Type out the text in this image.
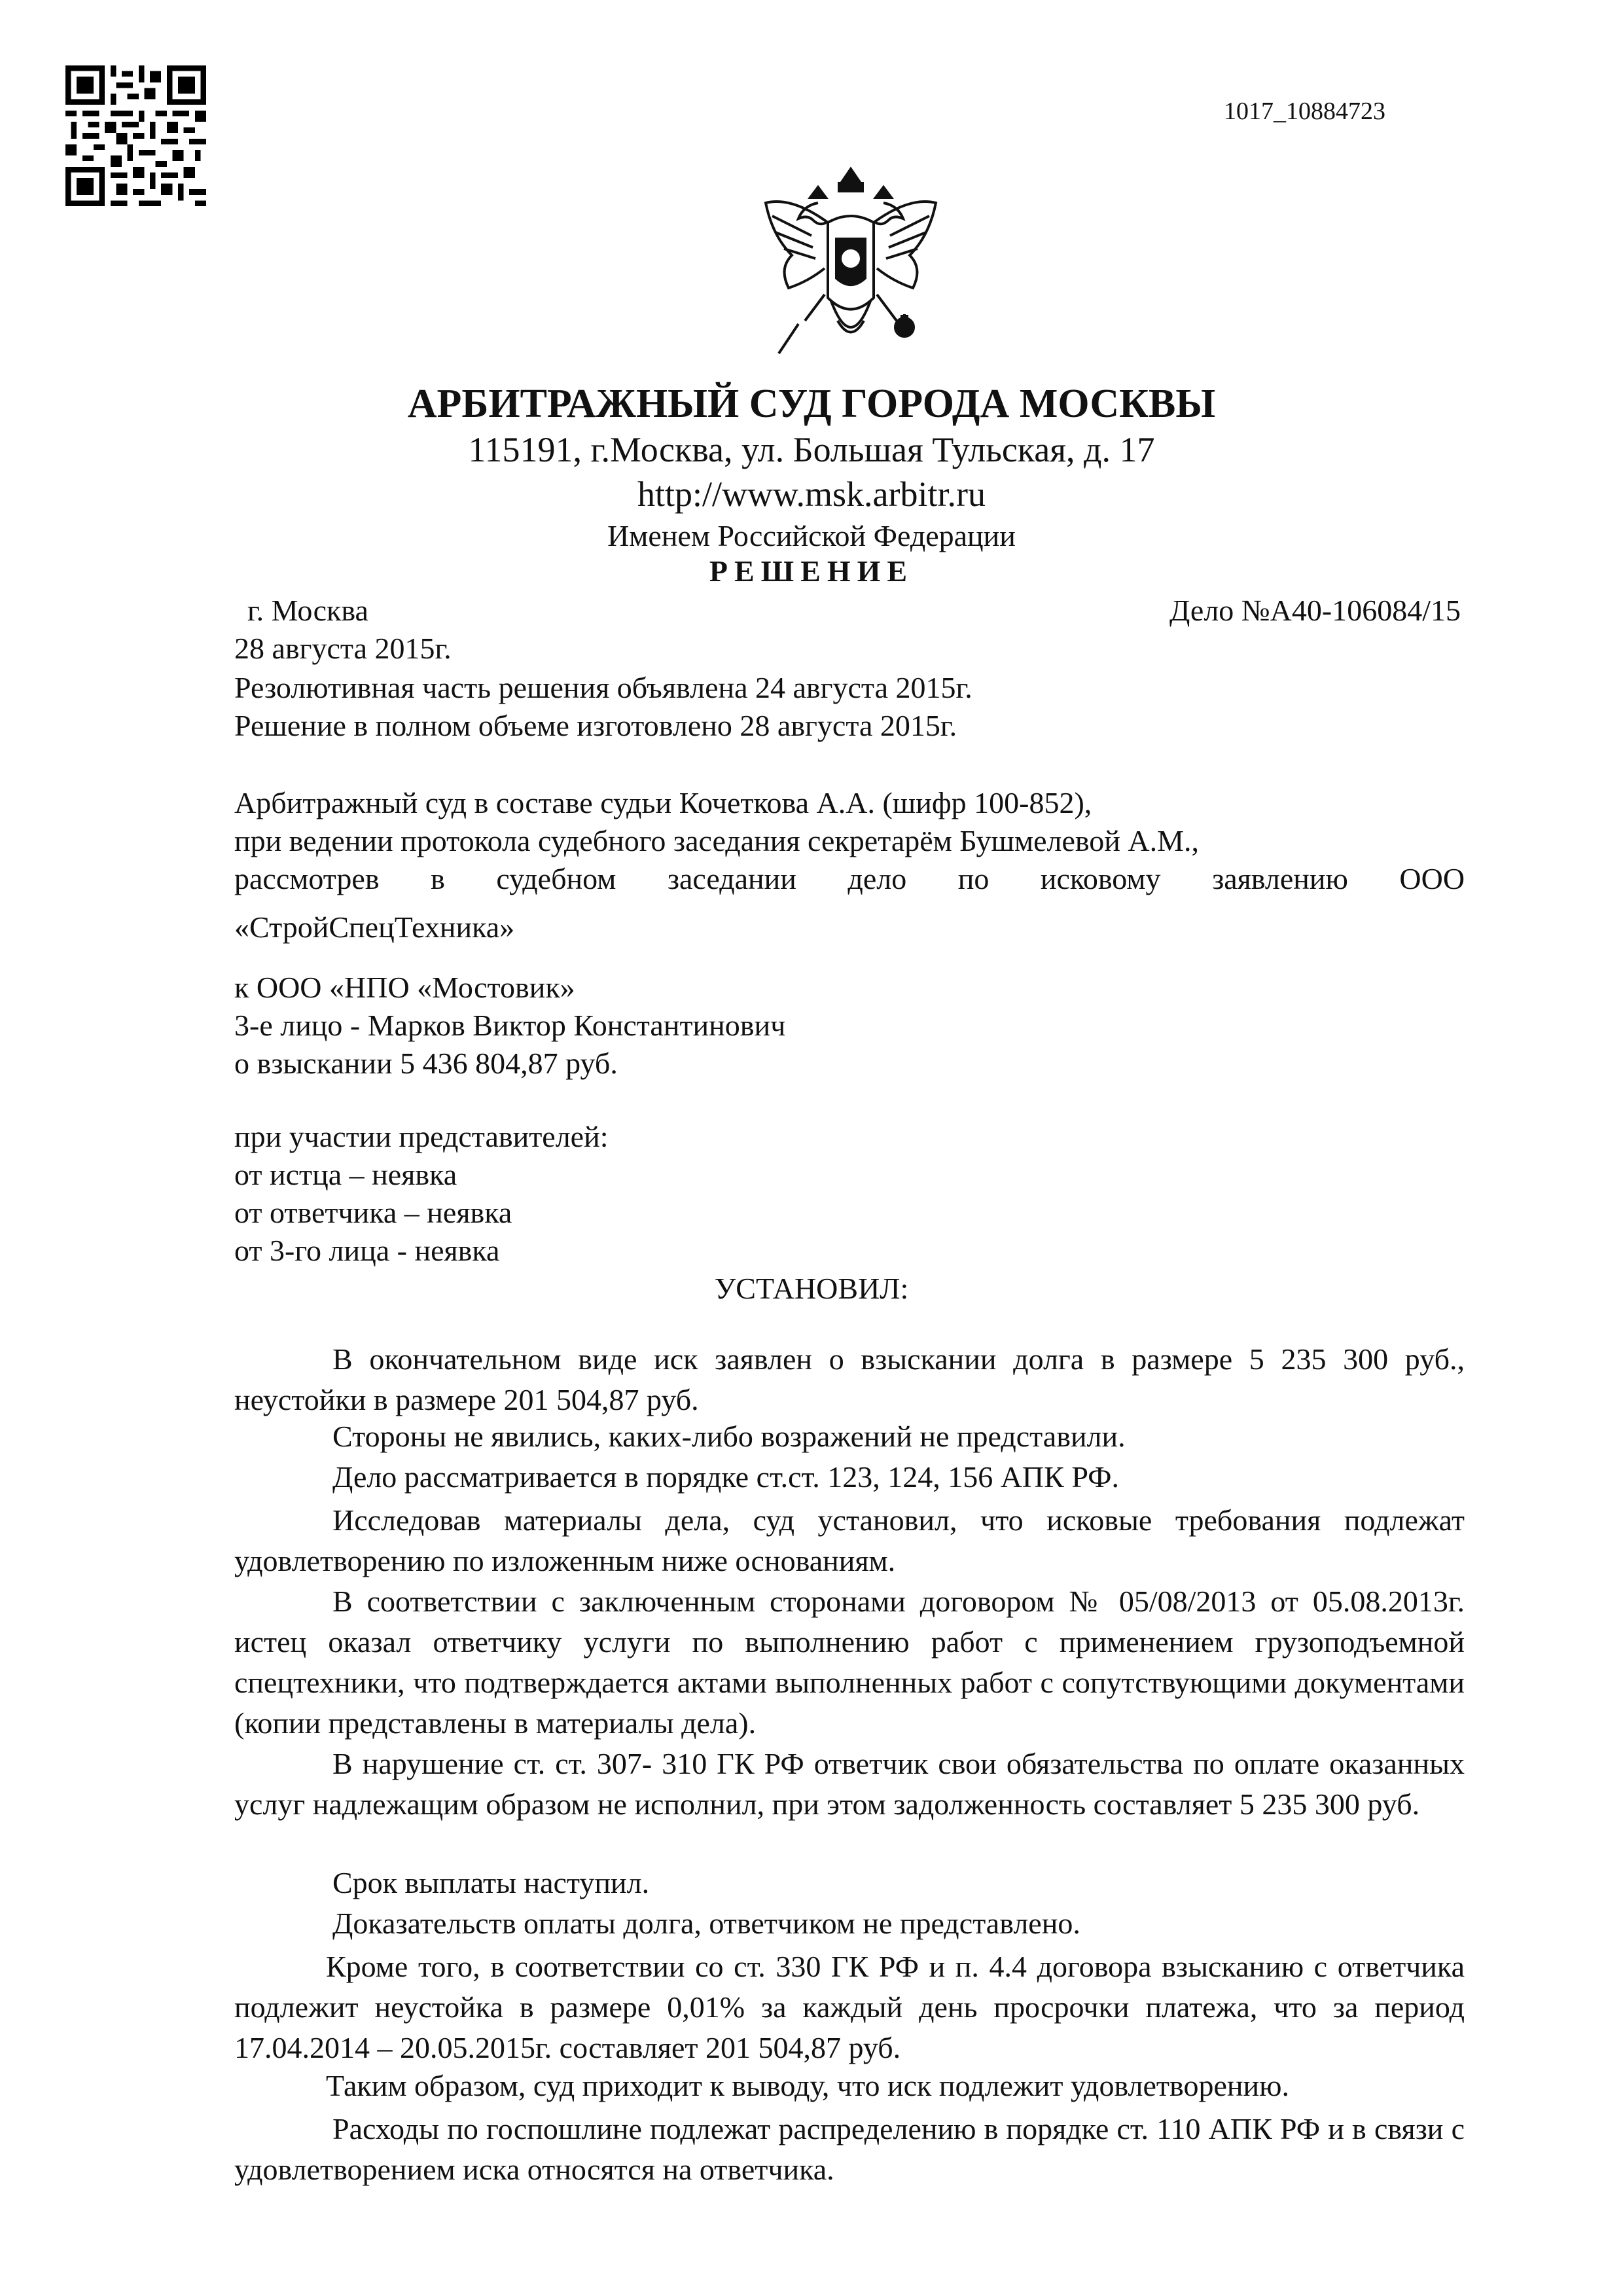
1017_10884723
АРБИТРАЖНЫЙ СУД ГОРОДА МОСКВЫ
115191, г.Москва, ул. Большая Тульская, д. 17
http://www.msk.arbitr.ru
Именем Российской Федерации
РЕШЕНИЕ
г. Москва	Дело №А40-106084/15
28 августа 2015г.
Резолютивная часть решения объявлена 24 августа 2015г.
Решение в полном объеме изготовлено 28 августа 2015г.
Арбитражный суд в составе судьи Кочеткова А.А. (шифр 100-852),
при ведении протокола судебного заседания секретарём Бушмелевой А.М.,
рассмотрев в судебном заседании дело по исковому заявлению ООО
«СтройСпецТехника»
к ООО «НПО «Мостовик»
3-е лицо - Марков Виктор Константинович
о взыскании 5 436 804,87 руб.
при участии представителей:
от истца – неявка
от ответчика – неявка
от 3-го лица - неявка
УСТАНОВИЛ:
В окончательном виде иск заявлен о взыскании долга в размере 5 235 300 руб., неустойки в размере 201 504,87 руб.
Стороны не явились, каких-либо возражений не представили.
Дело рассматривается в порядке ст.ст. 123, 124, 156 АПК РФ.
Исследовав материалы дела, суд установил, что исковые требования подлежат удовлетворению по изложенным ниже основаниям.
В соответствии с заключенным сторонами договором № 05/08/2013 от 05.08.2013г. истец оказал ответчику услуги по выполнению работ с применением грузоподъемной спецтехники, что подтверждается актами выполненных работ с сопутствующими документами (копии представлены в материалы дела).
В нарушение ст. ст. 307- 310 ГК РФ ответчик свои обязательства по оплате оказанных услуг надлежащим образом не исполнил, при этом задолженность составляет 5 235 300 руб.
Срок выплаты наступил.
Доказательств оплаты долга, ответчиком не представлено.
Кроме того, в соответствии со ст. 330 ГК РФ и п. 4.4 договора взысканию с ответчика подлежит неустойка в размере 0,01% за каждый день просрочки платежа, что за период 17.04.2014 – 20.05.2015г. составляет 201 504,87 руб.
Таким образом, суд приходит к выводу, что иск подлежит удовлетворению.
Расходы по госпошлине подлежат распределению в порядке ст. 110 АПК РФ и в связи с удовлетворением иска относятся на ответчика.
